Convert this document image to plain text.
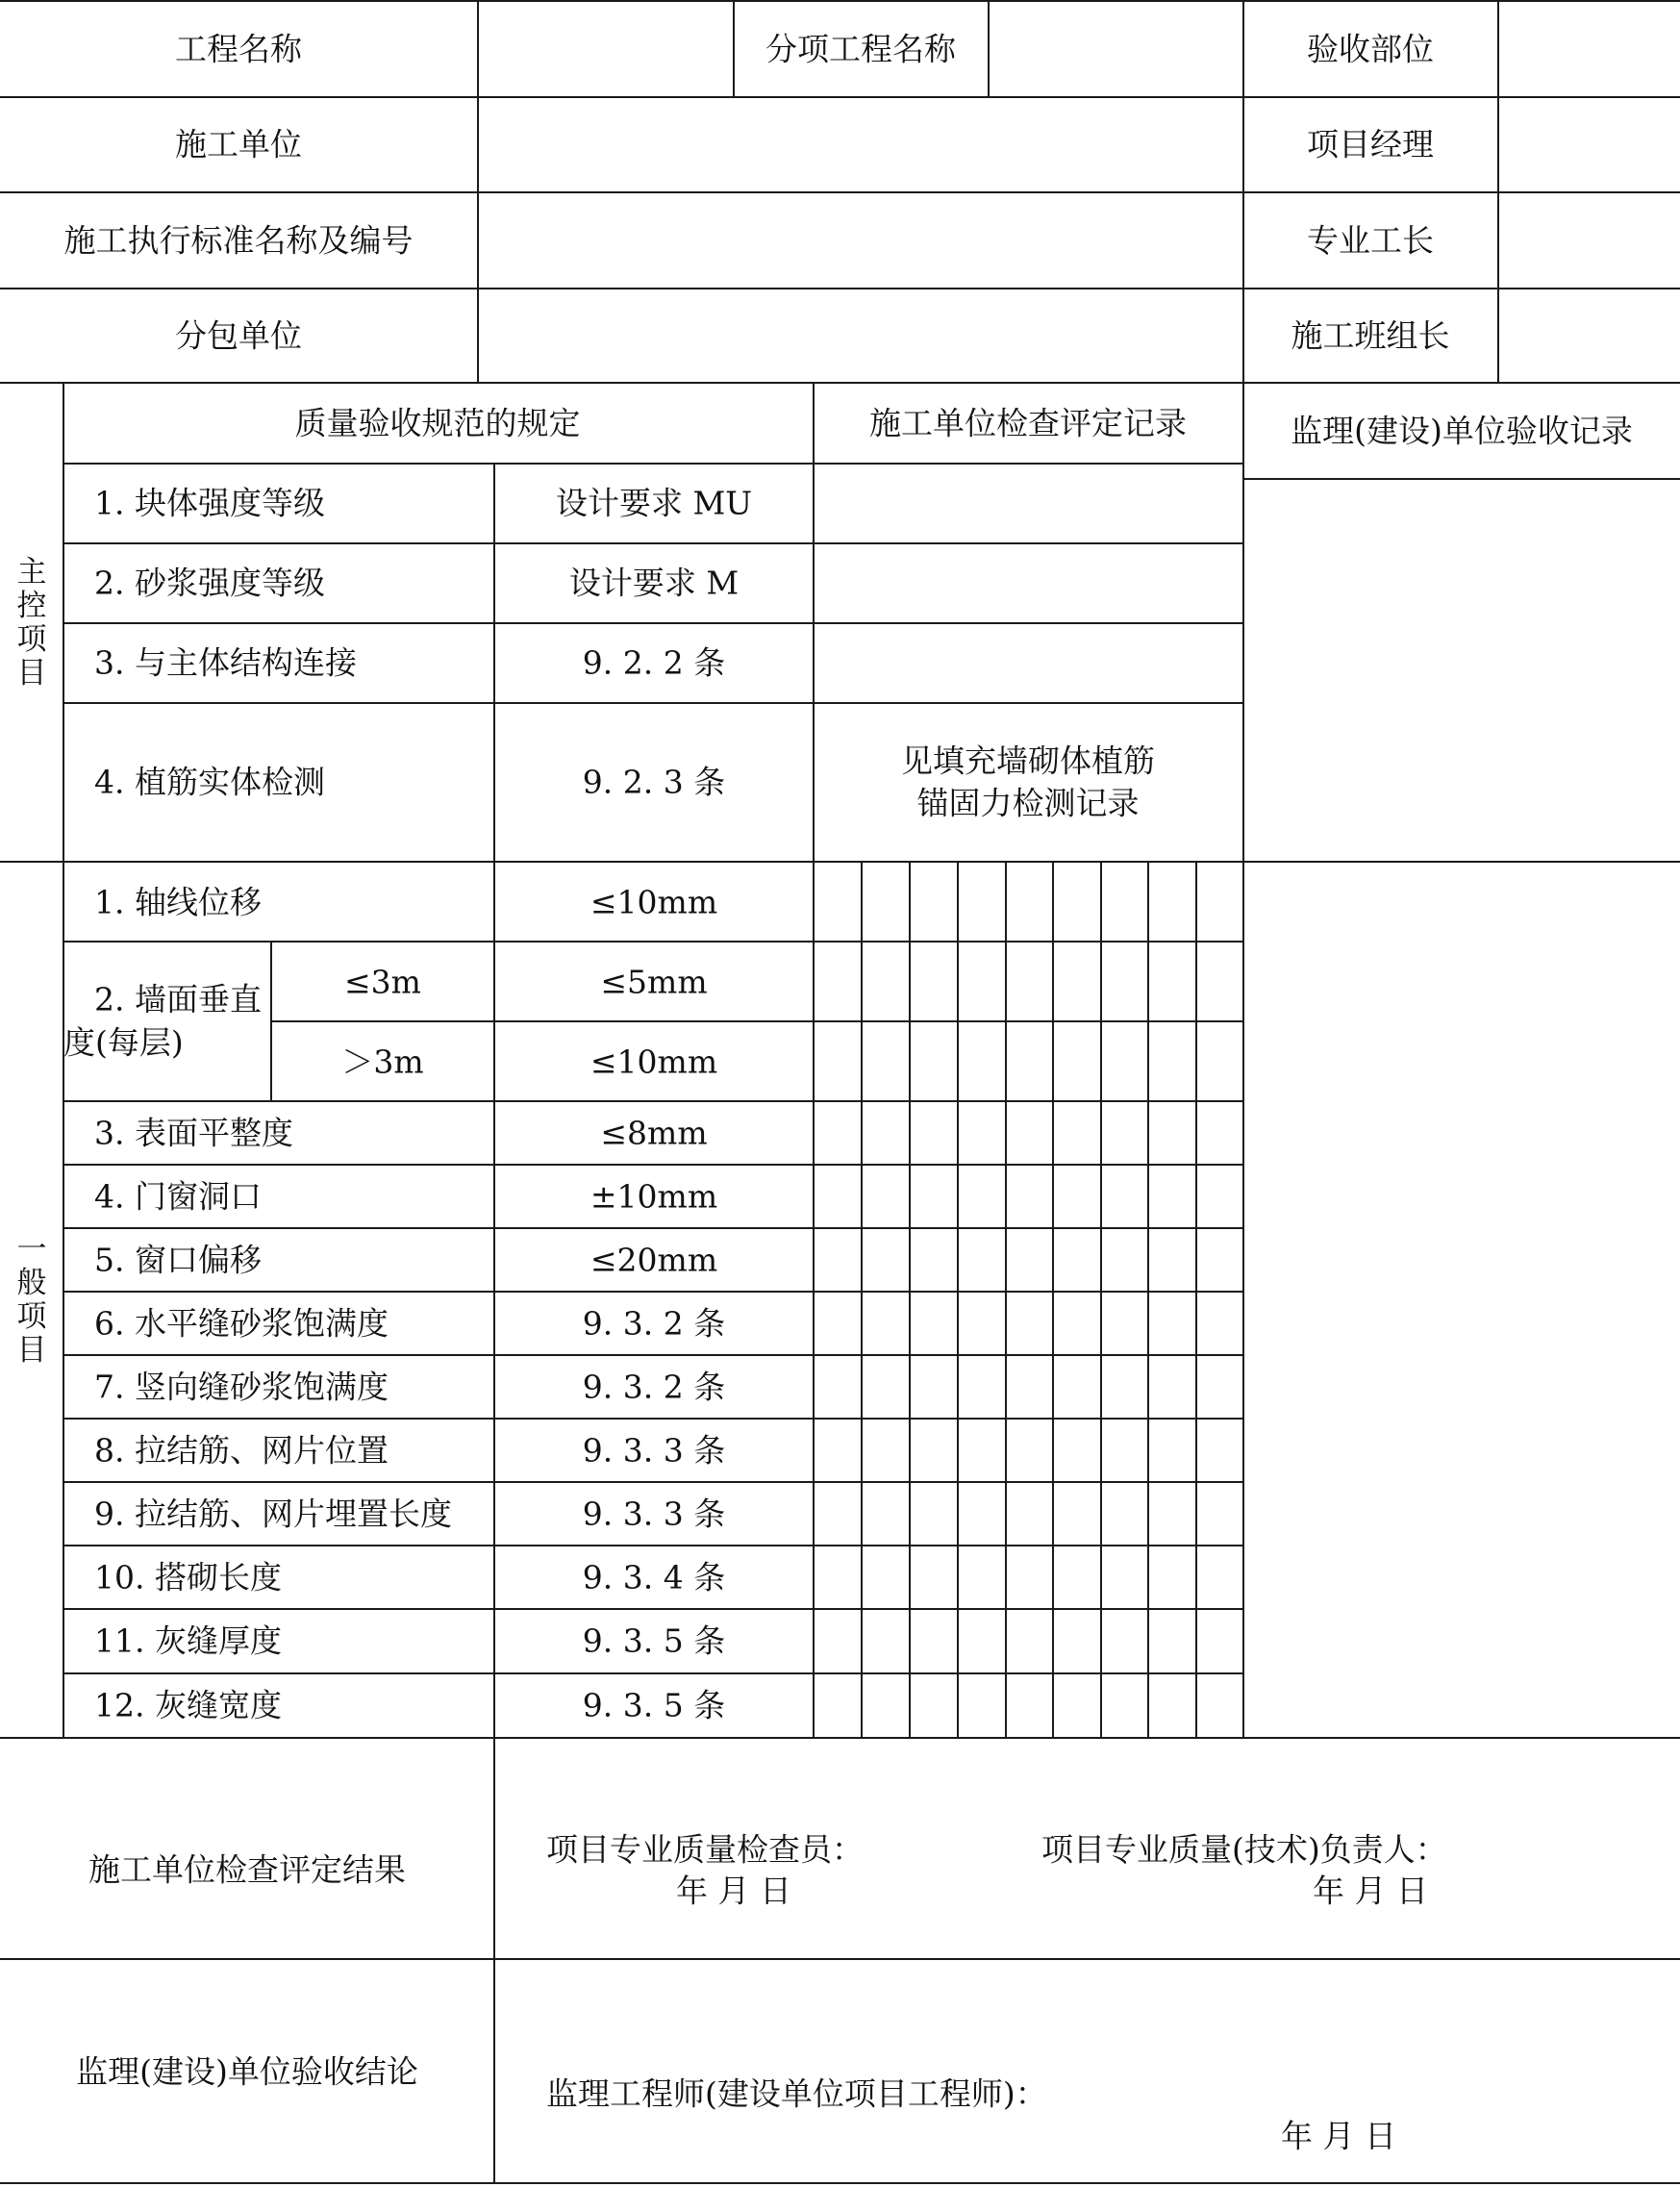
工程名称	分项工程名称	验收部位
施工单位	项目经理
施工执行标准名称及编号	专业工长
分包单位	施工班组长
质量验收规范的规定	施工单位检查评定记录	监理(建设)单位验收记录
主
控
项
目
1. 块体强度等级	设计要求 MU
2. 砂浆强度等级	设计要求 M
3. 与主体结构连接	9. 2. 2 条
4. 植筋实体检测	9. 2. 3 条
见填充墙砌体植筋
锚固力检测记录
一
般
项
目
1. 轴线位移	≤10mm
2. 墙面垂直
度(每层)
≤3m	≤5mm
＞3m	≤10mm
3. 表面平整度	≤8mm
4. 门窗洞口	±10mm
5. 窗口偏移	≤20mm
6. 水平缝砂浆饱满度	9. 3. 2 条
7. 竖向缝砂浆饱满度	9. 3. 2 条
8. 拉结筋、网片位置	9. 3. 3 条
9. 拉结筋、网片埋置长度	9. 3. 3 条
10. 搭砌长度	9. 3. 4 条
11. 灰缝厚度	9. 3. 5 条
12. 灰缝宽度	9. 3. 5 条
施工单位检查评定结果
项目专业质量检查员：
年 月 日
项目专业质量(技术)负责人：
年 月 日
监理(建设)单位验收结论
监理工程师(建设单位项目工程师)：
年 月 日
